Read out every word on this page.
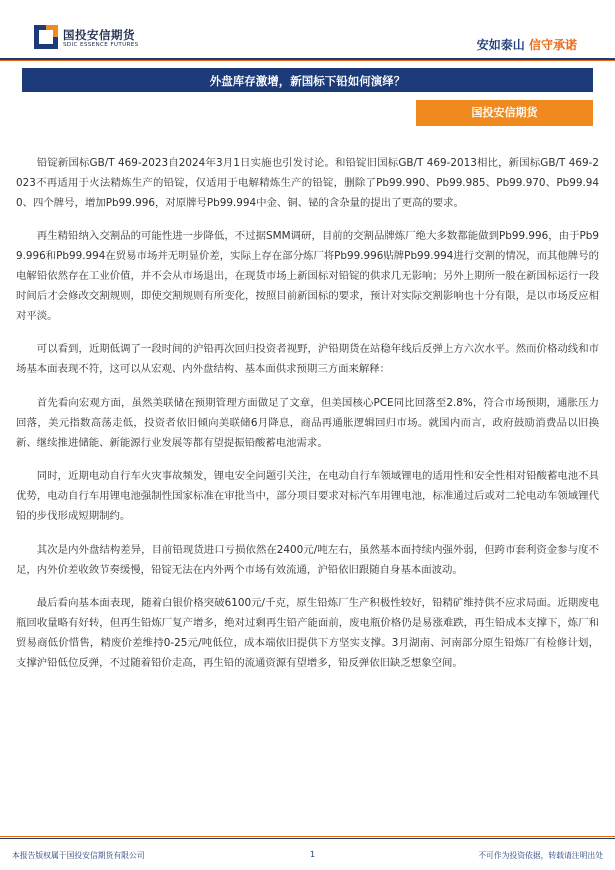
国投安信期货
SDIC ESSENCE FUTURES	安如泰山 信守承诺
外盘库存激增，新国标下铅如何演绎？
国投安信期货

铅锭新国标GB/T 469-2023自2024年3月1日实施也引发讨论。和铅锭旧国标GB/T 469-2013相比，新国标GB/T 469-2023不再适用于火法精炼生产的铅锭，仅适用于电解精炼生产的铅锭，删除了Pb99.990、Pb99.985、Pb99.970、Pb99.940、四个牌号，增加Pb99.996，对原牌号Pb99.994中金、铜、铋的含杂量的提出了更高的要求。

再生精铅纳入交割品的可能性进一步降低，不过据SMM调研，目前的交割品牌炼厂绝大多数都能做到Pb99.996，由于Pb99.996和Pb99.994在贸易市场并无明显价差，实际上存在部分炼厂将Pb99.996贴牌Pb99.994进行交割的情况，而其他牌号的电解铅依然存在工业价值，并不会从市场退出，在现货市场上新国标对铅锭的供求几无影响；另外上期所一般在新国标运行一段时间后才会修改交割规则，即使交割规则有所变化，按照目前新国标的要求，预计对实际交割影响也十分有限，是以市场反应相对平淡。

可以看到，近期低调了一段时间的沪铅再次回归投资者视野，沪铅期货在站稳年线后反弹上方六次水平。然而价格动线和市场基本面表现不符，这可以从宏观、内外盘结构、基本面供求预期三方面来解释：

首先看向宏观方面，虽然美联储在预期管理方面做足了文章，但美国核心PCE同比回落至2.8%，符合市场预期，通胀压力回落，美元指数高荡走低，投资者依旧倾向美联储6月降息，商品再通胀逻辑回归市场。就国内而言，政府鼓励消费品以旧换新、继续推进储能、新能源行业发展等都有望提振铅酸蓄电池需求。

同时，近期电动自行车火灾事故频发，锂电安全问题引关注，在电动自行车领域锂电的适用性和安全性相对铅酸蓄电池不具优势，电动自行车用锂电池强制性国家标准在审批当中，部分项目要求对标汽车用锂电池，标准通过后或对二轮电动车领域锂代铅的步伐形成短期制约。

其次是内外盘结构差异，目前铅现货进口亏损依然在2400元/吨左右，虽然基本面持续内强外弱，但跨市套利资金参与度不足，内外价差收敛节奏缓慢，铅锭无法在内外两个市场有效流通，沪铅依旧跟随自身基本面波动。

最后看向基本面表现，随着白银价格突破6100元/千克，原生铅炼厂生产积极性较好，铅精矿维持供不应求局面。近期废电瓶回收量略有好转，但再生铅炼厂复产增多，绝对过剩再生铅产能面前，废电瓶价格仍是易涨难跌，再生铅成本支撑下，炼厂和贸易商低价惜售，精废价差维持0-25元/吨低位，成本端依旧提供下方坚实支撑。3月湖南、河南部分原生铅炼厂有检修计划，支撑沪铅低位反弹，不过随着铅价走高，再生铅的流通资源有望增多，铅反弹依旧缺乏想象空间。

本报告版权属于国投安信期货有限公司	1	不可作为投资依据，转载请注明出处
